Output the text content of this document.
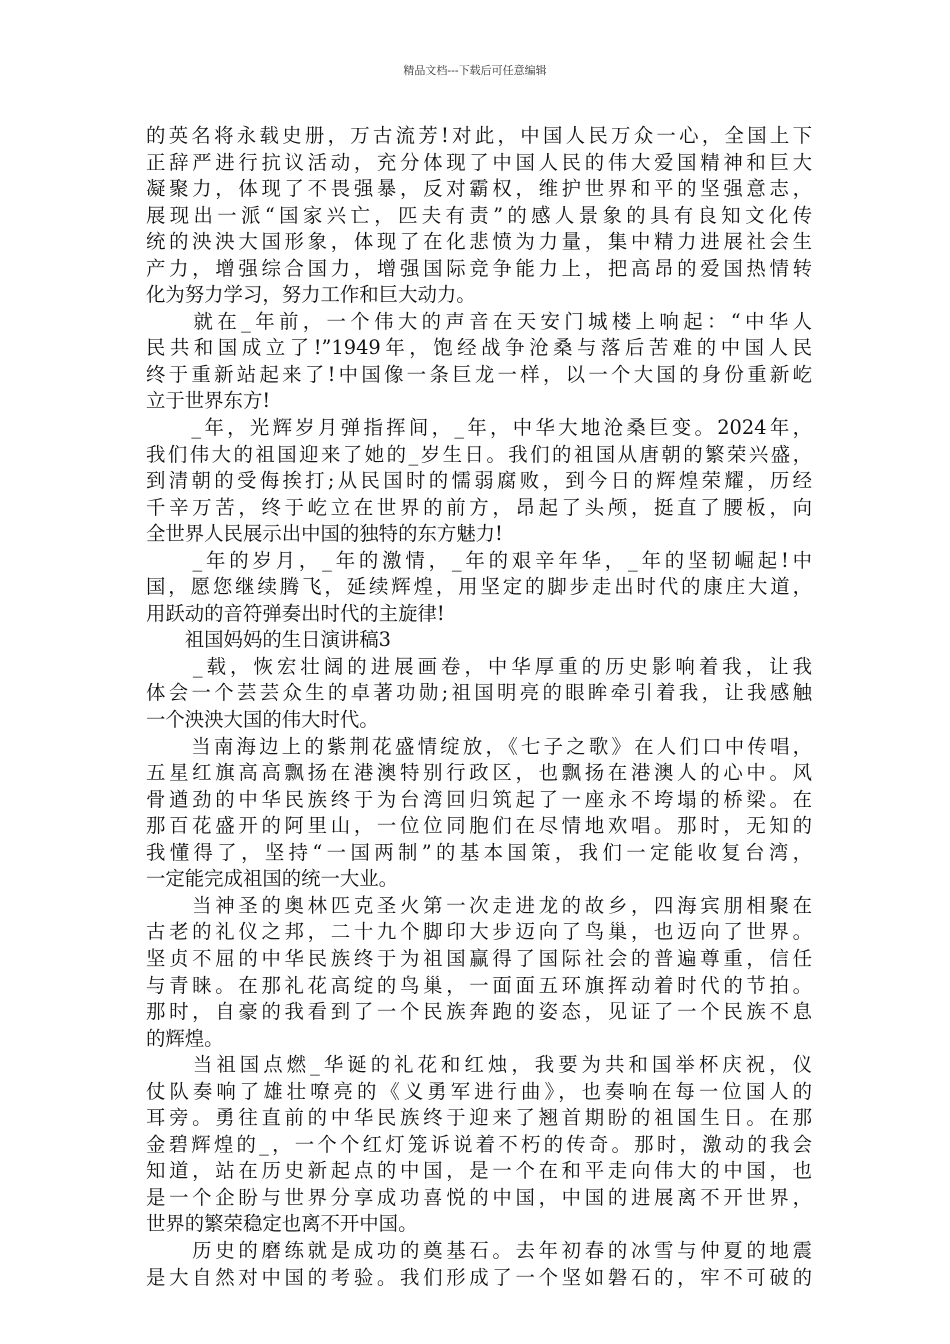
精品文档---下载后可任意编辑
的英名将永载史册，万古流芳!对此，中国人民万众一心，全国上下
正辞严进行抗议活动，充分体现了中国人民的伟大爱国精神和巨大
凝聚力，体现了不畏强暴，反对霸权，维护世界和平的坚强意志，
展现出一派“国家兴亡，匹夫有责”的感人景象的具有良知文化传
统的泱泱大国形象，体现了在化悲愤为力量，集中精力进展社会生
产力，增强综合国力，增强国际竞争能力上，把高昂的爱国热情转
化为努力学习，努力工作和巨大动力。
　　就在_年前，一个伟大的声音在天安门城楼上响起：“中华人
民共和国成立了!”1949年，饱经战争沧桑与落后苦难的中国人民
终于重新站起来了!中国像一条巨龙一样，以一个大国的身份重新屹
立于世界东方!
　　_年，光辉岁月弹指挥间，_年，中华大地沧桑巨变。2024年，
我们伟大的祖国迎来了她的_岁生日。我们的祖国从唐朝的繁荣兴盛，
到清朝的受侮挨打;从民国时的懦弱腐败，到今日的辉煌荣耀，历经
千辛万苦，终于屹立在世界的前方，昂起了头颅，挺直了腰板，向
全世界人民展示出中国的独特的东方魅力!
　　_年的岁月，_年的激情，_年的艰辛年华，_年的坚韧崛起!中
国，愿您继续腾飞，延续辉煌，用坚定的脚步走出时代的康庄大道，
用跃动的音符弹奏出时代的主旋律!
　　祖国妈妈的生日演讲稿3
　　_载，恢宏壮阔的进展画卷，中华厚重的历史影响着我，让我
体会一个芸芸众生的卓著功勋;祖国明亮的眼眸牵引着我，让我感触
一个泱泱大国的伟大时代。
　　当南海边上的紫荆花盛情绽放，《七子之歌》在人们口中传唱，
五星红旗高高飘扬在港澳特别行政区，也飘扬在港澳人的心中。风
骨遒劲的中华民族终于为台湾回归筑起了一座永不垮塌的桥梁。在
那百花盛开的阿里山，一位位同胞们在尽情地欢唱。那时，无知的
我懂得了，坚持“一国两制”的基本国策，我们一定能收复台湾，
一定能完成祖国的统一大业。
　　当神圣的奥林匹克圣火第一次走进龙的故乡，四海宾朋相聚在
古老的礼仪之邦，二十九个脚印大步迈向了鸟巢，也迈向了世界。
坚贞不屈的中华民族终于为祖国赢得了国际社会的普遍尊重，信任
与青睐。在那礼花高绽的鸟巢，一面面五环旗挥动着时代的节拍。
那时，自豪的我看到了一个民族奔跑的姿态，见证了一个民族不息
的辉煌。
　　当祖国点燃_华诞的礼花和红烛，我要为共和国举杯庆祝，仪
仗队奏响了雄壮嘹亮的《义勇军进行曲》，也奏响在每一位国人的
耳旁。勇往直前的中华民族终于迎来了翘首期盼的祖国生日。在那
金碧辉煌的_，一个个红灯笼诉说着不朽的传奇。那时，激动的我会
知道，站在历史新起点的中国，是一个在和平走向伟大的中国，也
是一个企盼与世界分享成功喜悦的中国，中国的进展离不开世界，
世界的繁荣稳定也离不开中国。
　　历史的磨练就是成功的奠基石。去年初春的冰雪与仲夏的地震
是大自然对中国的考验。我们形成了一个坚如磐石的，牢不可破的
